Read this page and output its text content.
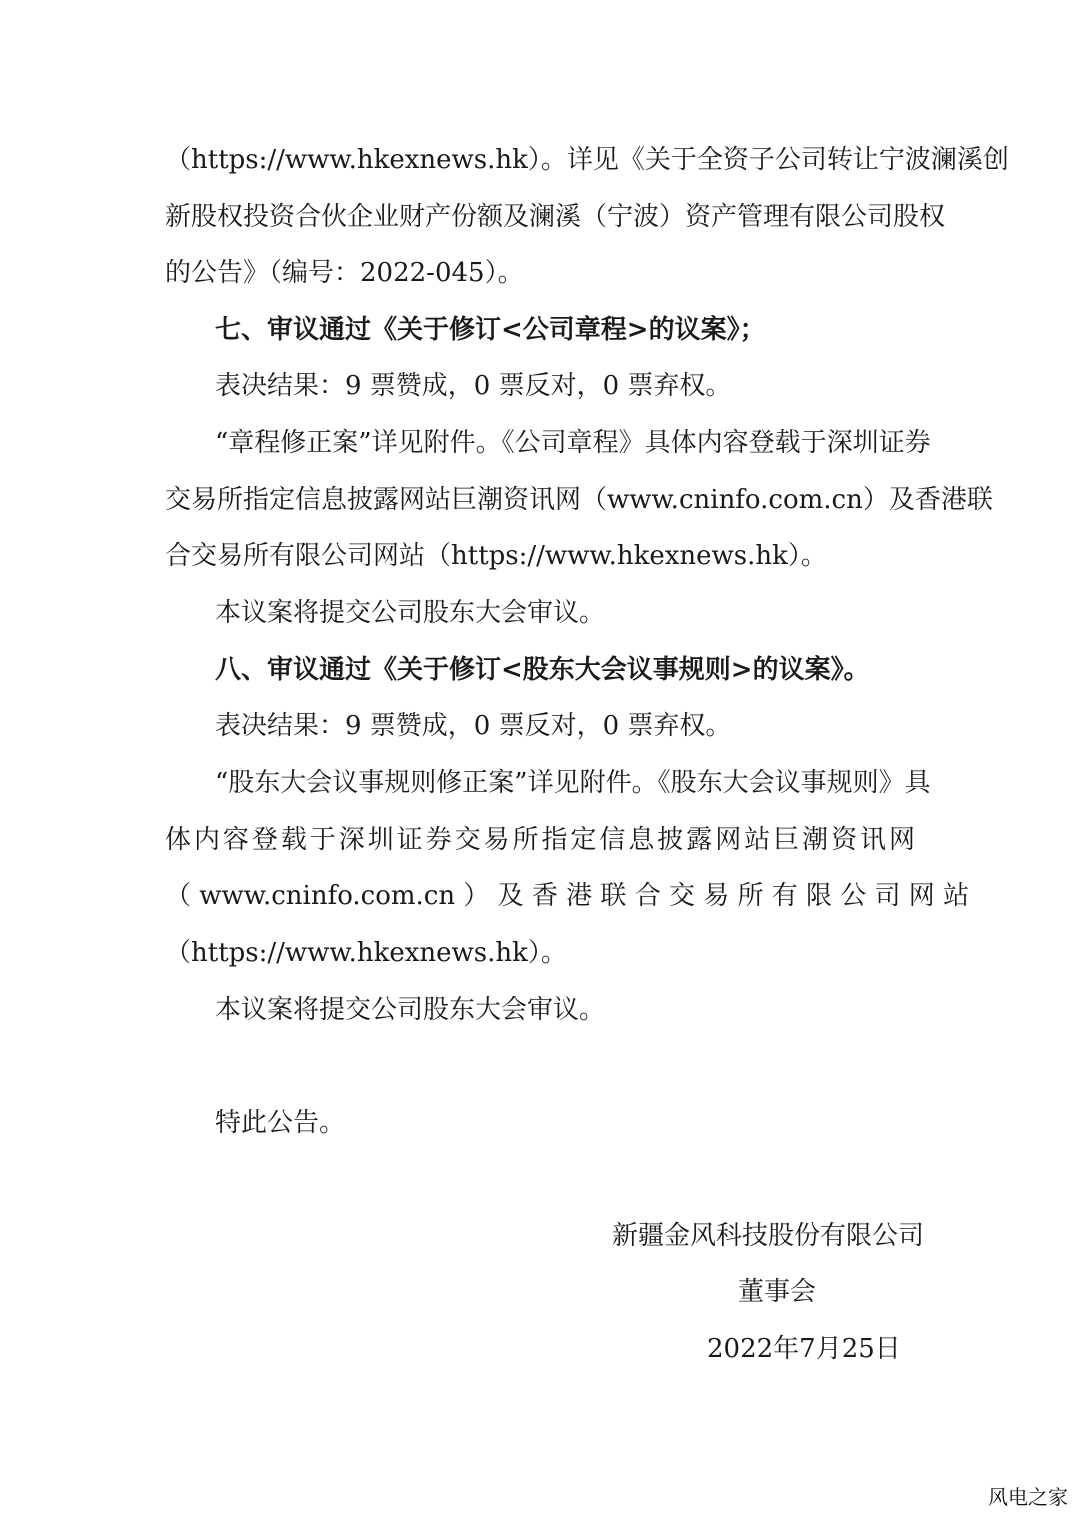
（https://www.hkexnews.hk）。详见《关于全资子公司转让宁波澜溪创
新股权投资合伙企业财产份额及澜溪（宁波）资产管理有限公司股权
的公告》（编号：2022-045）。
七、审议通过《关于修订<公司章程>的议案》；
表决结果：9 票赞成，0 票反对，0 票弃权。
“章程修正案”详见附件。《公司章程》具体内容登载于深圳证券
交易所指定信息披露网站巨潮资讯网（www.cninfo.com.cn）及香港联
合交易所有限公司网站（https://www.hkexnews.hk）。
本议案将提交公司股东大会审议。
八、审议通过《关于修订<股东大会议事规则>的议案》。
表决结果：9 票赞成，0 票反对，0 票弃权。
“股东大会议事规则修正案”详见附件。《股东大会议事规则》具
体内容登载于深圳证券交易所指定信息披露网站巨潮资讯网
（ www.cninfo.com.cn ） 及 香 港 联 合 交 易 所 有 限 公 司 网 站
（https://www.hkexnews.hk）。
本议案将提交公司股东大会审议。
特此公告。
新疆金风科技股份有限公司
董事会
2022年7月25日
风电之家
